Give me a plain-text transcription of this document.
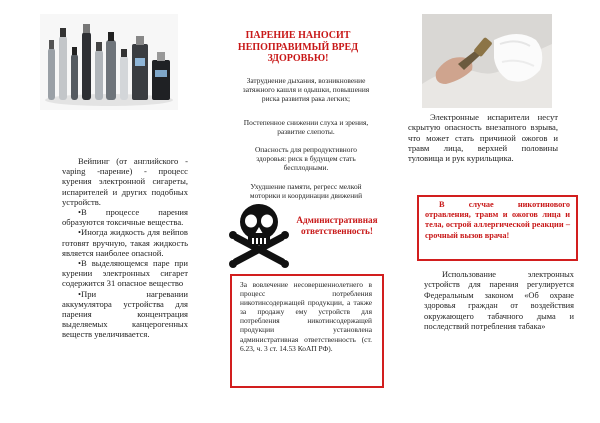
Вейпинг (от английского - vaping -парение) - процесс курения электронной сигареты, испарителей и других подобных устройств.

•В процессе парения образуются токсичные вещества.

•Иногда жидкость для вейпов готовят вручную, такая жидкость является наиболее опасной.

•В выделяющемся паре при курении электронных сигарет содержится 31 опасное вещество

•При нагревании аккумулятора устройства для парения концентрация выделяемых канцерогенных веществ увеличивается.

ПАРЕНИЕ НАНОСИТ НЕПОПРАВИМЫЙ ВРЕД ЗДОРОВЬЮ!
Затруднение дыхания, возникновение затяжного кашля и одышки, повышения риска развития рака легких;
Постепенное снижении слуха и зрения, развитие слепоты.
Опасность для репродуктивного здоровья: риск в будущем стать бесплодными.
Ухудшение памяти, регресс мелкой моторики и координации движений
Административная ответственность!
За вовлечение несовершеннолетнего в процесс потребления никотинсодержащей продукции, а также за продажу ему устройств для потребления никотинсодержащей продукции установлена административная ответственность (ст. 6.23, ч. 3 ст. 14.53 КоАП РФ).

Электронные испарители несут скрытую опасность внезапного взрыва, что может стать причиной ожогов и травм лица, верхней половины туловища и рук курильщика.

В случае никотинового отравления, травм и ожогов лица и тела, острой аллергической реакции – срочный вызов врача!

Использование электронных устройств для парения регулируется Федеральным законом «Об охране здоровья граждан от воздействия окружающего табачного дыма и последствий потребления табака»
